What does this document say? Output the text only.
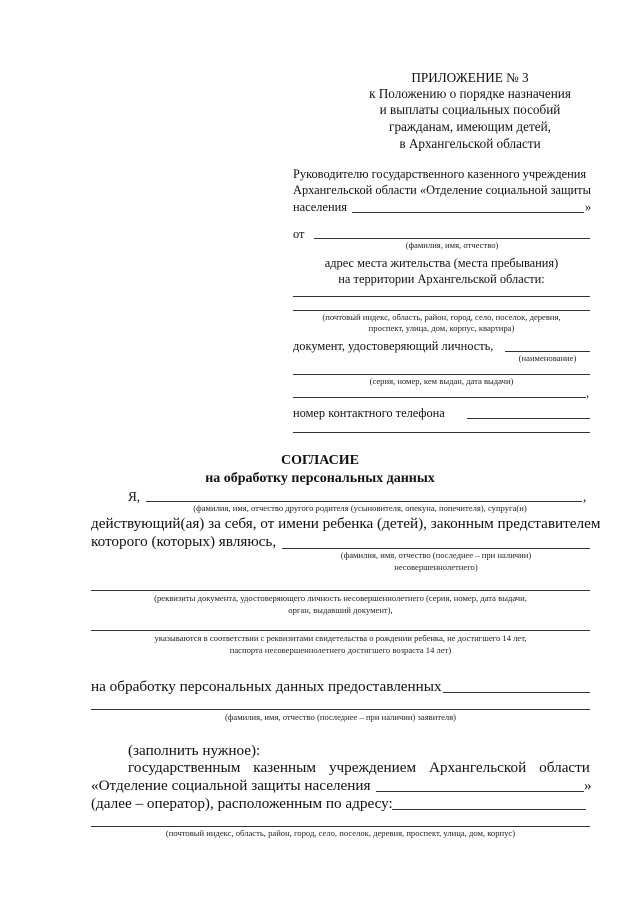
ПРИЛОЖЕНИЕ № 3
к Положению о порядке назначения
и выплаты социальных пособий
гражданам, имеющим детей,
в Архангельской области
Руководителю государственного казенного учреждения
Архангельской области «Отделение социальной защиты
населения	»
от
(фамилия, имя, отчество)
адрес места жительства (места пребывания)
на территории Архангельской области:
(почтовый индекс, область, район, город, село, поселок, деревня,
проспект, улица, дом, корпус, квартира)
документ, удостоверяющий личность,
(наименование)
(серия, номер, кем выдан, дата выдачи)
,
номер контактного телефона
СОГЛАСИЕ
на обработку персональных данных
Я,	,
(фамилия, имя, отчество другого родителя (усыновителя, опекуна, попечителя), супруга(и)
действующий(ая) за себя, от имени ребенка (детей), законным представителем
которого (которых) являюсь,
(фамилия, имя, отчество (последнее – при наличии)
несовершеннолетнего)
(реквизиты документа, удостоверяющего личность несовершеннолетнего (серия, номер, дата выдачи,
орган, выдавший документ),
указываются в соответствии с реквизитами свидетельства о рождении ребенка, не достигшего 14 лет,
паспорта несовершеннолетнего достигшего возраста 14 лет)
на обработку персональных данных предоставленных
(фамилия, имя, отчество (последнее – при наличии) заявителя)
(заполнить нужное):
государственным казенным учреждением Архангельской области
«Отделение социальной защиты населения	»
(далее – оператор), расположенным по адресу:
(почтовый индекс, область, район, город, село, поселок, деревня, проспект, улица, дом, корпус)
